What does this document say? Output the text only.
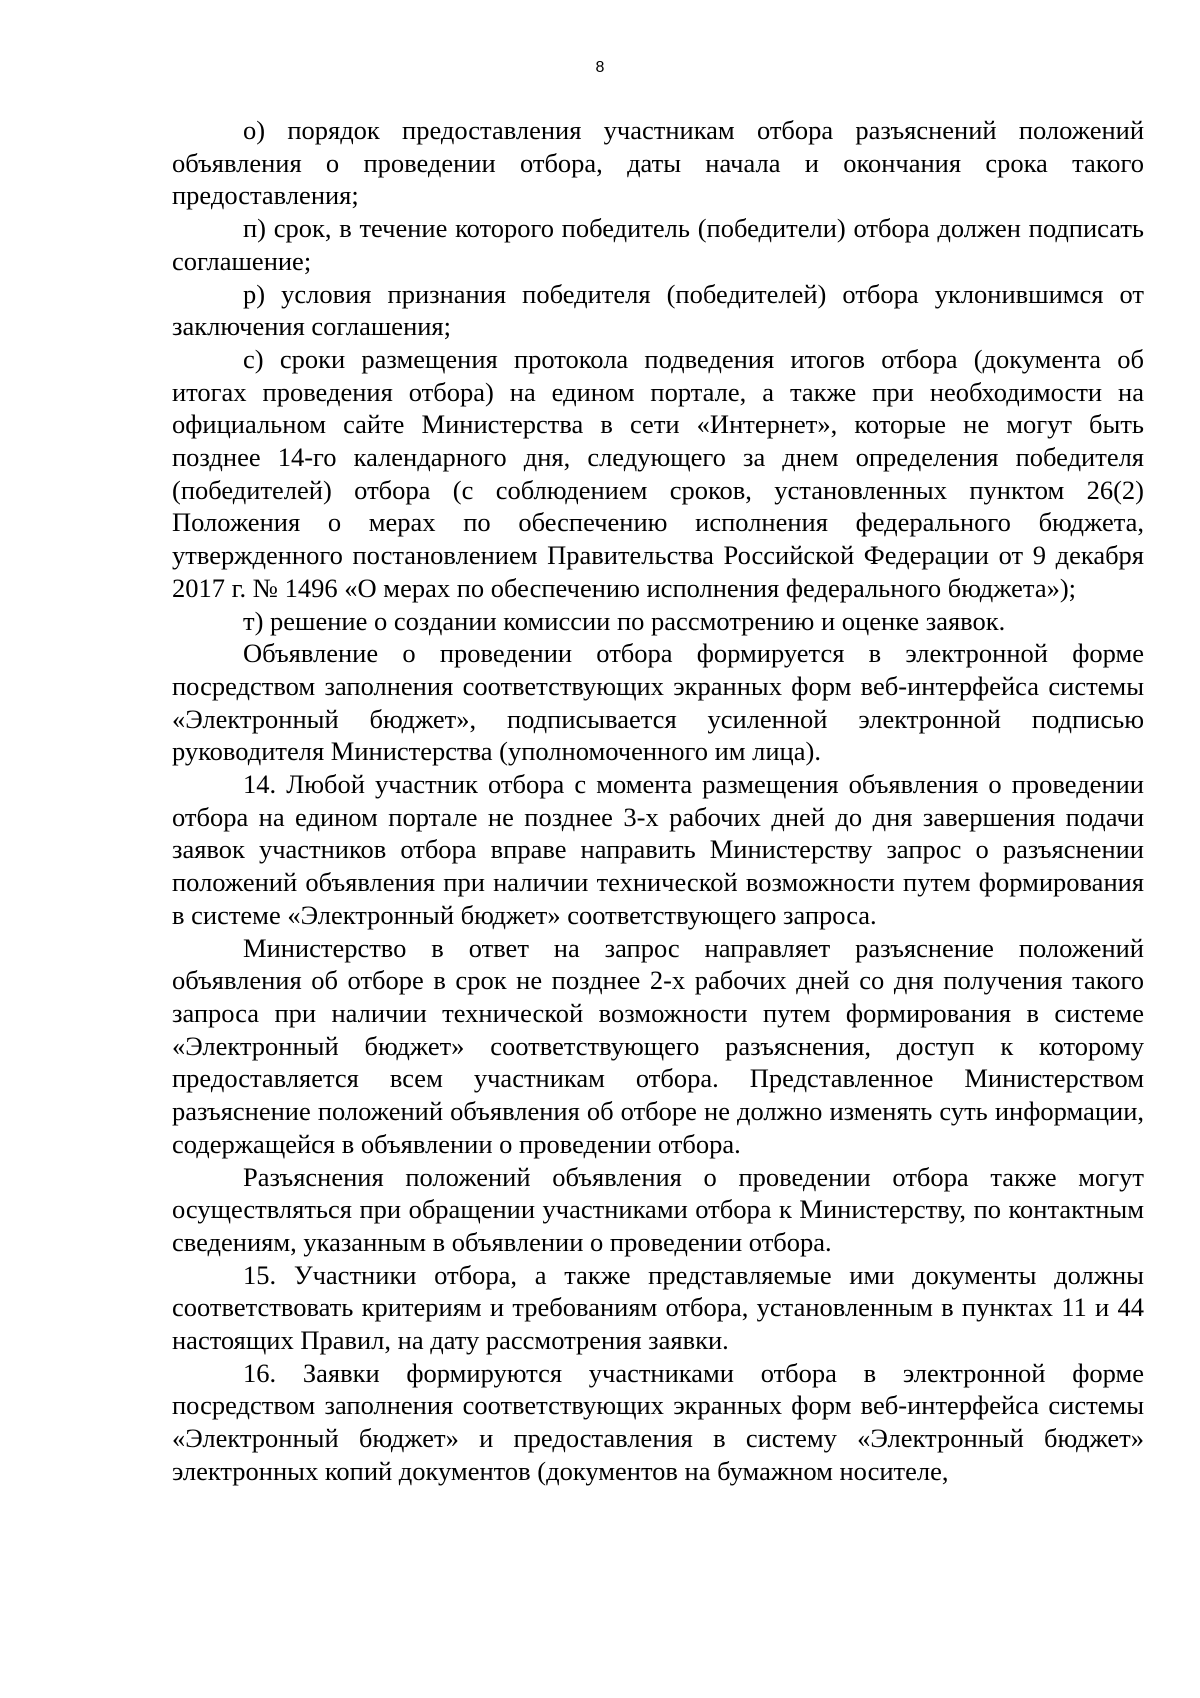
8

о) порядок предоставления участникам отбора разъяснений положений объявления о проведении отбора, даты начала и окончания срока такого предоставления;

п) срок, в течение которого победитель (победители) отбора должен подписать соглашение;

р) условия признания победителя (победителей) отбора уклонившимся от заключения соглашения;

с) сроки размещения протокола подведения итогов отбора (документа об итогах проведения отбора) на едином портале, а также при необходимости на официальном сайте Министерства в сети «Интернет», которые не могут быть позднее 14-го календарного дня, следующего за днем определения победителя (победителей) отбора (с соблюдением сроков, установленных пунктом 26(2) Положения о мерах по обеспечению исполнения федерального бюджета, утвержденного постановлением Правительства Российской Федерации от 9 декабря 2017 г. № 1496 «О мерах по обеспечению исполнения федерального бюджета»);

т) решение о создании комиссии по рассмотрению и оценке заявок.

Объявление о проведении отбора формируется в электронной форме посредством заполнения соответствующих экранных форм веб-интерфейса системы «Электронный бюджет», подписывается усиленной электронной подписью руководителя Министерства (уполномоченного им лица).

14. Любой участник отбора с момента размещения объявления о проведении отбора на едином портале не позднее 3-х рабочих дней до дня завершения подачи заявок участников отбора вправе направить Министерству запрос о разъяснении положений объявления при наличии технической возможности путем формирования в системе «Электронный бюджет» соответствующего запроса.

Министерство в ответ на запрос направляет разъяснение положений объявления об отборе в срок не позднее 2-х рабочих дней со дня получения такого запроса при наличии технической возможности путем формирования в системе «Электронный бюджет» соответствующего разъяснения, доступ к которому предоставляется всем участникам отбора. Представленное Министерством разъяснение положений объявления об отборе не должно изменять суть информации, содержащейся в объявлении о проведении отбора.

Разъяснения положений объявления о проведении отбора также могут осуществляться при обращении участниками отбора к Министерству, по контактным сведениям, указанным в объявлении о проведении отбора.

15. Участники отбора, а также представляемые ими документы должны соответствовать критериям и требованиям отбора, установленным в пунктах 11 и 44 настоящих Правил, на дату рассмотрения заявки.

16. Заявки формируются участниками отбора в электронной форме посредством заполнения соответствующих экранных форм веб-интерфейса системы «Электронный бюджет» и предоставления в систему «Электронный бюджет» электронных копий документов (документов на бумажном носителе,
